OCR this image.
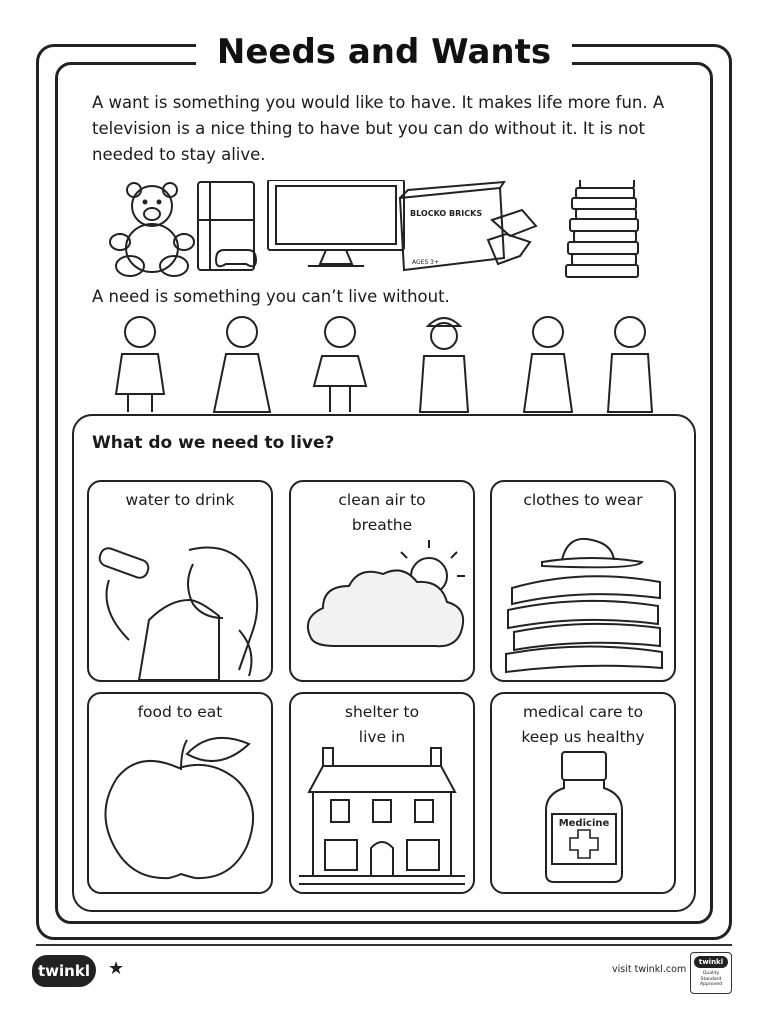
Needs and Wants

A want is something you would like to have. It makes life more fun. A television is a nice thing to have but you can do without it. It is not needed to stay alive.

BLOCKO BRICKS
AGES 3+

A need is something you can’t live without.

What do we need to live?

water to drink	clean air to
breathe
clothes to wear
food to eat	shelter to
live in
medical care to
keep us healthy
Medicine
twinkl	★	visit twinkl.com
twinkl
Quality Standard Approved
